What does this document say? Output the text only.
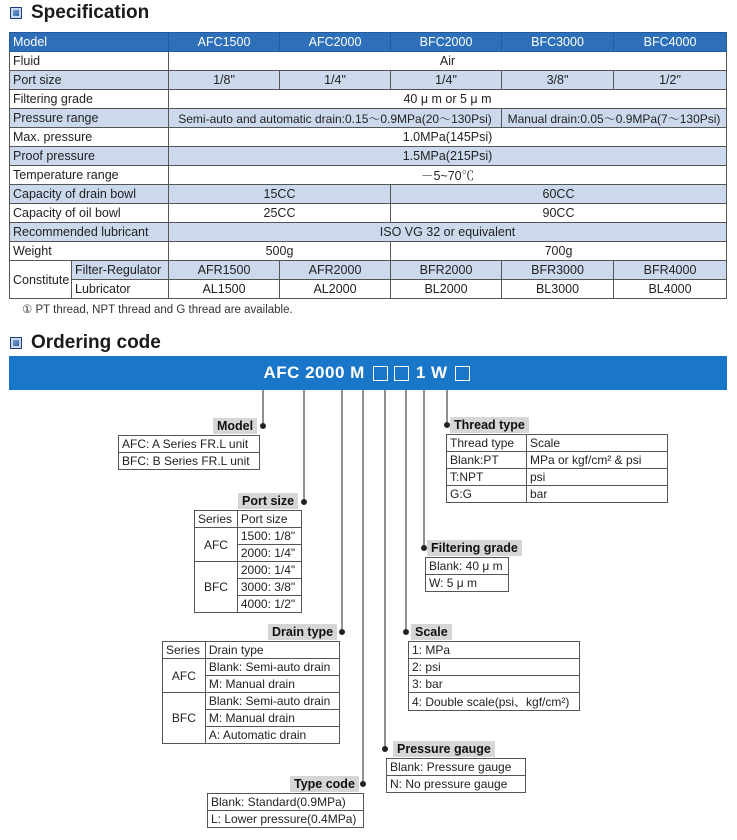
Specification
Model		AFC1500	AFC2000	BFC2000	BFC3000	BFC4000
Fluid		Air				
Port size		1/8"	1/4"	1/4"	3/8"	1/2"
Filtering grade		40 μ m or 5 μ m				
Pressure range		Semi-auto and automatic drain:0.15～0.9MPa(20～130Psi)			Manual drain:0.05～0.9MPa(7～130Psi)	
Max. pressure		1.0MPa(145Psi)				
Proof pressure		1.5MPa(215Psi)				
Temperature range		－5~70℃				
Capacity of drain bowl		15CC		60CC		
Capacity of oil bowl		25CC		90CC		
Recommended lubricant		ISO VG 32 or equivalent				
Weight		500g		700g		
Constitute	Filter-Regulator	AFR1500	AFR2000	BFR2000	BFR3000	BFR4000
	Lubricator	AL1500	AL2000	BL2000	BL3000	BL4000
① PT thread, NPT thread and G thread are available.
Ordering code
AFC 2000 M	1 W
Model
AFC: A Series FR.L unit
BFC: B Series FR.L unit
Port size
Series	Port size
AFC	1500: 1/8"
	2000: 1/4"
BFC	2000: 1/4"
	3000: 3/8"
	4000: 1/2"
Drain type
Series	Drain type
AFC	Blank: Semi-auto drain
	M: Manual drain
BFC	Blank: Semi-auto drain
	M: Manual drain
	A: Automatic drain
Type code
Blank: Standard(0.9MPa)
L: Lower pressure(0.4MPa)
Thread type
Thread type	Scale
Blank:PT	MPa or kgf/cm² & psi
T:NPT	psi
G:G	bar
Filtering grade
Blank: 40 μ m
W: 5 μ m
Scale
1: MPa
2: psi
3: bar
4: Double scale(psi、kgf/cm²)
Pressure gauge
Blank: Pressure gauge
N: No pressure gauge
